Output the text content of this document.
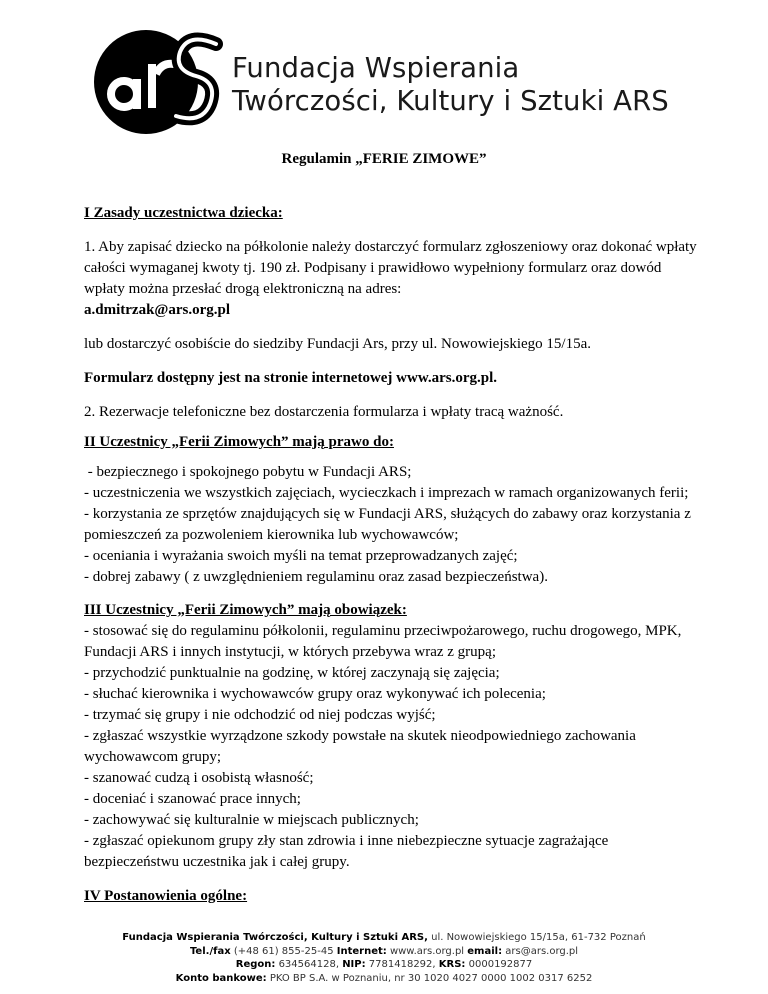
Fundacja Wspierania
Twórczości, Kultury i Sztuki ARS
Regulamin „FERIE ZIMOWE”

I Zasady uczestnictwa dziecka:

1. Aby zapisać dziecko na półkolonie należy dostarczyć formularz zgłoszeniowy oraz dokonać wpłaty całości wymaganej kwoty tj. 190 zł. Podpisany i prawidłowo wypełniony formularz oraz dowód wpłaty można przesłać drogą elektroniczną na adres:
a.dmitrzak@ars.org.pl

lub dostarczyć osobiście do siedziby Fundacji Ars, przy ul. Nowowiejskiego 15/15a.

Formularz dostępny jest na stronie internetowej www.ars.org.pl.

2. Rezerwacje telefoniczne bez dostarczenia formularza i wpłaty tracą ważność.

II Uczestnicy „Ferii Zimowych” mają prawo do:

- bezpiecznego i spokojnego pobytu w Fundacji ARS;
- uczestniczenia we wszystkich zajęciach, wycieczkach i imprezach w ramach organizowanych ferii;
- korzystania ze sprzętów znajdujących się w Fundacji ARS, służących do zabawy oraz korzystania z pomieszczeń za pozwoleniem kierownika lub wychowawców;
- oceniania i wyrażania swoich myśli na temat przeprowadzanych zajęć;
- dobrej zabawy ( z uwzględnieniem regulaminu oraz zasad bezpieczeństwa).

III Uczestnicy „Ferii Zimowych” mają obowiązek:

- stosować się do regulaminu półkolonii, regulaminu przeciwpożarowego, ruchu drogowego, MPK, Fundacji ARS i innych instytucji, w których przebywa wraz z grupą;
- przychodzić punktualnie na godzinę, w której zaczynają się zajęcia;
- słuchać kierownika i wychowawców grupy oraz wykonywać ich polecenia;
- trzymać się grupy i nie odchodzić od niej podczas wyjść;
- zgłaszać wszystkie wyrządzone szkody powstałe na skutek nieodpowiedniego zachowania wychowawcom grupy;
- szanować cudzą i osobistą własność;
- doceniać i szanować prace innych;
- zachowywać się kulturalnie w miejscach publicznych;
- zgłaszać opiekunom grupy zły stan zdrowia i inne niebezpieczne sytuacje zagrażające bezpieczeństwu uczestnika jak i całej grupy.

IV Postanowienia ogólne:

Fundacja Wspierania Twórczości, Kultury i Sztuki ARS, ul. Nowowiejskiego 15/15a, 61-732 Poznań
Tel./fax (+48 61) 855-25-45 Internet: www.ars.org.pl email: ars@ars.org.pl
Regon: 634564128, NIP: 7781418292, KRS: 0000192877
Konto bankowe: PKO BP S.A. w Poznaniu, nr 30 1020 4027 0000 1002 0317 6252
